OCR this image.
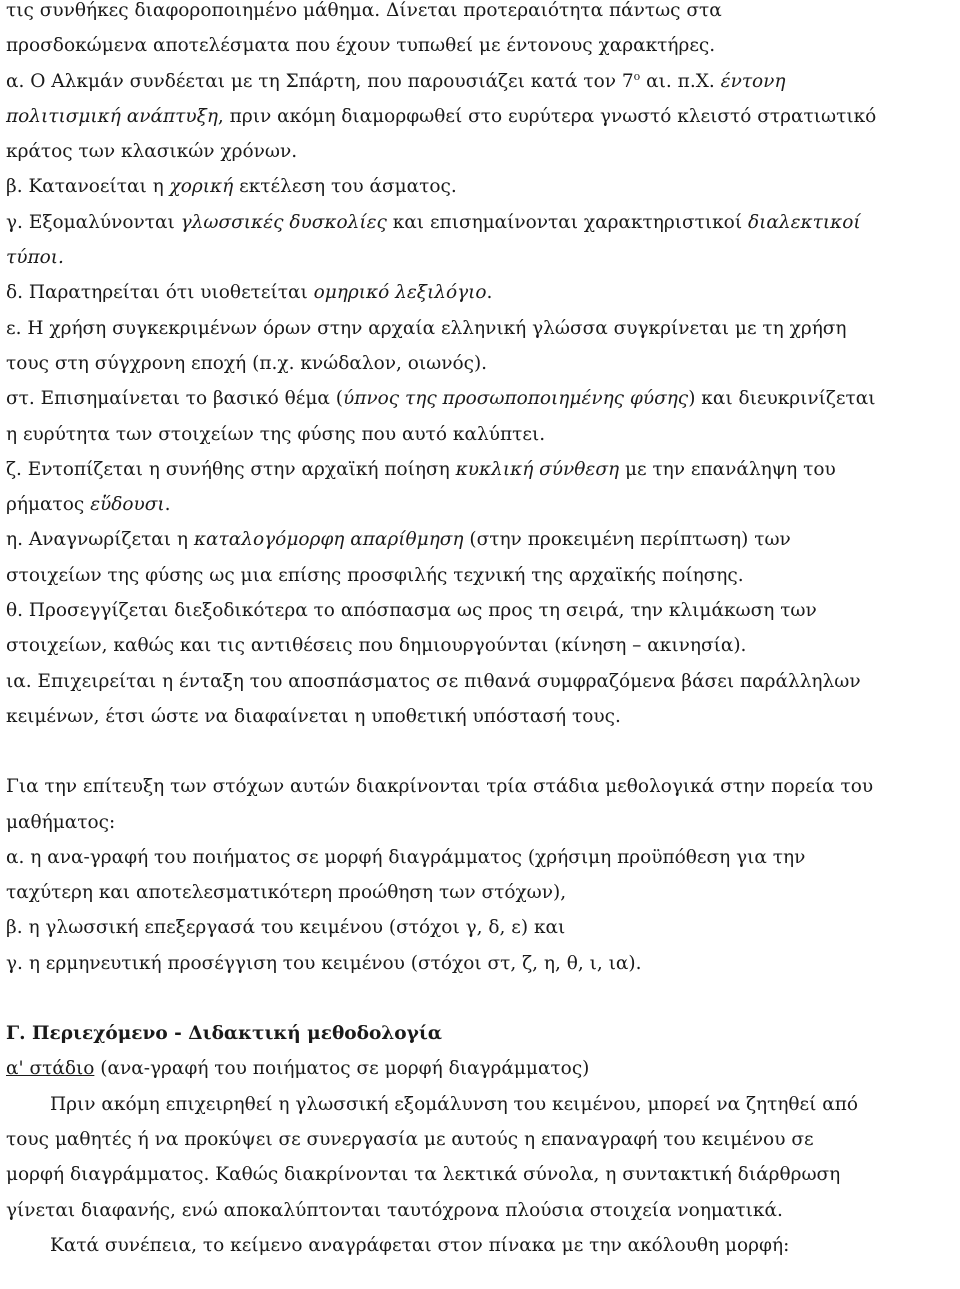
τις συνθήκες διαφοροποιημένο μάθημα. Δίνεται προτεραιότητα πάντως στα
προσδοκώμενα αποτελέσματα που έχουν τυπωθεί με έντονους χαρακτήρες.
α. Ο Αλκμάν συνδέεται με τη Σπάρτη, που παρουσιάζει κατά τον $7^o$ αι. π.Χ. έντονη
πολιτισμική ανάπτυξη, πριν ακόμη διαμορφωθεί στο ευρύτερα γνωστό κλειστό στρατιωτικό
κράτος των κλασικών χρόνων.
β. Κατανοείται η χορική εκτέλεση του άσματος.
γ. Εξομαλύνονται γλωσσικές δυσκολίες και επισημαίνονται χαρακτηριστικοί διαλεκτικοί
τύποι.
δ. Παρατηρείται ότι υιοθετείται ομηρικό λεξιλόγιο.
ε. Η χρήση συγκεκριμένων όρων στην αρχαία ελληνική γλώσσα συγκρίνεται με τη χρήση
τους στη σύγχρονη εποχή (π.χ. κνώδαλον, οιωνός).
στ. Επισημαίνεται το βασικό θέμα (ύπνος της προσωποποιημένης φύσης) και διευκρινίζεται
η ευρύτητα των στοιχείων της φύσης που αυτό καλύπτει.
ζ. Εντοπίζεται η συνήθης στην αρχαϊκή ποίηση κυκλική σύνθεση με την επανάληψη του
ρήματος εὕδουσι.
η. Αναγνωρίζεται η καταλογόμορφη απαρίθμηση (στην προκειμένη περίπτωση) των
στοιχείων της φύσης ως μια επίσης προσφιλής τεχνική της αρχαϊκής ποίησης.
θ. Προσεγγίζεται διεξοδικότερα το απόσπασμα ως προς τη σειρά, την κλιμάκωση των
στοιχείων, καθώς και τις αντιθέσεις που δημιουργούνται (κίνηση – ακινησία).
ια. Επιχειρείται η ένταξη του αποσπάσματος σε πιθανά συμφραζόμενα βάσει παράλληλων
κειμένων, έτσι ώστε να διαφαίνεται η υποθετική υπόστασή τους.
Για την επίτευξη των στόχων αυτών διακρίνονται τρία στάδια μεθολογικά στην πορεία του
μαθήματος:
α. η ανα-γραφή του ποιήματος σε μορφή διαγράμματος (χρήσιμη προϋπόθεση για την
ταχύτερη και αποτελεσματικότερη προώθηση των στόχων),
β. η γλωσσική επεξεργασά του κειμένου (στόχοι γ, δ, ε) και
γ. η ερμηνευτική προσέγγιση του κειμένου (στόχοι στ, ζ, η, θ, ι, ια).
Γ. Περιεχόμενο - Διδακτική μεθοδολογία
α' στάδιο (ανα-γραφή του ποιήματος σε μορφή διαγράμματος)
Πριν ακόμη επιχειρηθεί η γλωσσική εξομάλυνση του κειμένου, μπορεί να ζητηθεί από
τους μαθητές ή να προκύψει σε συνεργασία με αυτούς η επαναγραφή του κειμένου σε
μορφή διαγράμματος. Καθώς διακρίνονται τα λεκτικά σύνολα, η συντακτική διάρθρωση
γίνεται διαφανής, ενώ αποκαλύπτονται ταυτόχρονα πλούσια στοιχεία νοηματικά.
Κατά συνέπεια, το κείμενο αναγράφεται στον πίνακα με την ακόλουθη μορφή:
